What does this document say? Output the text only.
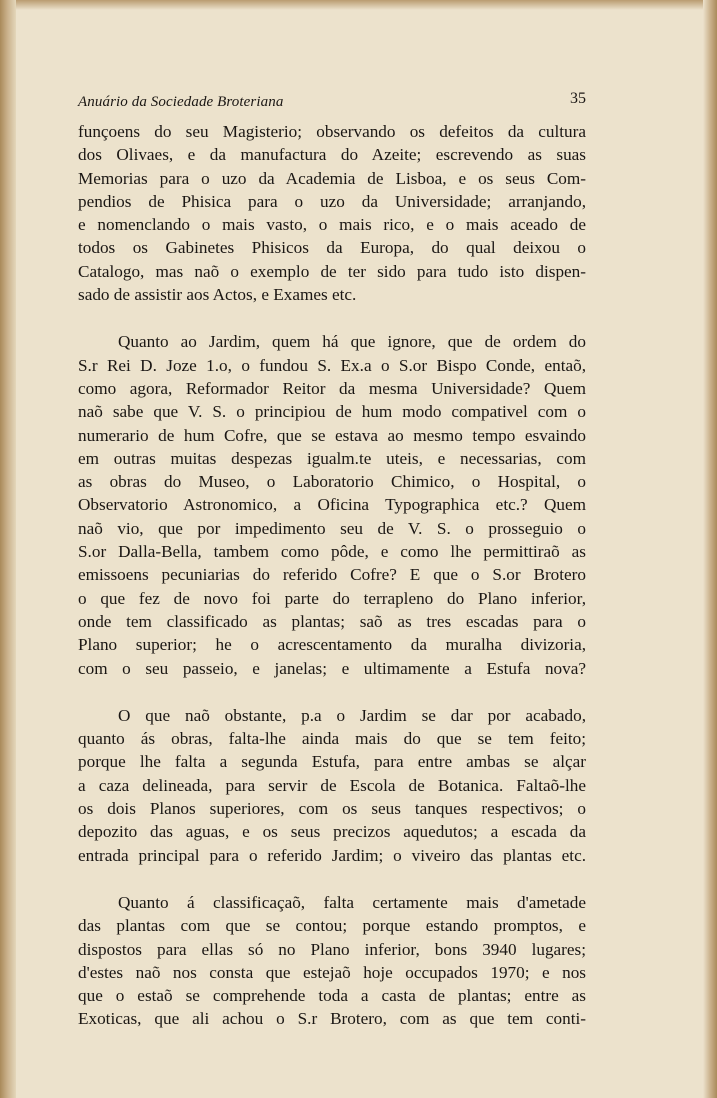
Anuário da Sociedade Broteriana	35
funçoens do seu Magisterio; observando os defeitos da cultura
dos Olivaes, e da manufactura do Azeite; escrevendo as suas
Memorias para o uzo da Academia de Lisboa, e os seus Com-
pendios de Phisica para o uzo da Universidade; arranjando,
e nomenclando o mais vasto, o mais rico, e o mais aceado de
todos os Gabinetes Phisicos da Europa, do qual deixou o
Catalogo, mas naõ o exemplo de ter sido para tudo isto dispen-
sado de assistir aos Actos, e Exames etc.
Quanto ao Jardim, quem há que ignore, que de ordem do
S.r Rei D. Joze 1.o, o fundou S. Ex.a o S.or Bispo Conde, entaõ,
como agora, Reformador Reitor da mesma Universidade? Quem
naõ sabe que V. S. o principiou de hum modo compativel com o
numerario de hum Cofre, que se estava ao mesmo tempo esvaindo
em outras muitas despezas igualm.te uteis, e necessarias, com
as obras do Museo, o Laboratorio Chimico, o Hospital, o
Observatorio Astronomico, a Oficina Typographica etc.? Quem
naõ vio, que por impedimento seu de V. S. o prosseguio o
S.or Dalla-Bella, tambem como pôde, e como lhe permittiraõ as
emissoens pecuniarias do referido Cofre? E que o S.or Brotero
o que fez de novo foi parte do terrapleno do Plano inferior,
onde tem classificado as plantas; saõ as tres escadas para o
Plano superior; he o acrescentamento da muralha divizoria,
com o seu passeio, e janelas; e ultimamente a Estufa nova?
O que naõ obstante, p.a o Jardim se dar por acabado,
quanto ás obras, falta-lhe ainda mais do que se tem feito;
porque lhe falta a segunda Estufa, para entre ambas se alçar
a caza delineada, para servir de Escola de Botanica. Faltaõ-lhe
os dois Planos superiores, com os seus tanques respectivos; o
depozito das aguas, e os seus precizos aquedutos; a escada da
entrada principal para o referido Jardim; o viveiro das plantas etc.
Quanto á classificaçaõ, falta certamente mais d'ametade
das plantas com que se contou; porque estando promptos, e
dispostos para ellas só no Plano inferior, bons 3940 lugares;
d'estes naõ nos consta que estejaõ hoje occupados 1970; e nos
que o estaõ se comprehende toda a casta de plantas; entre as
Exoticas, que ali achou o S.r Brotero, com as que tem conti-
